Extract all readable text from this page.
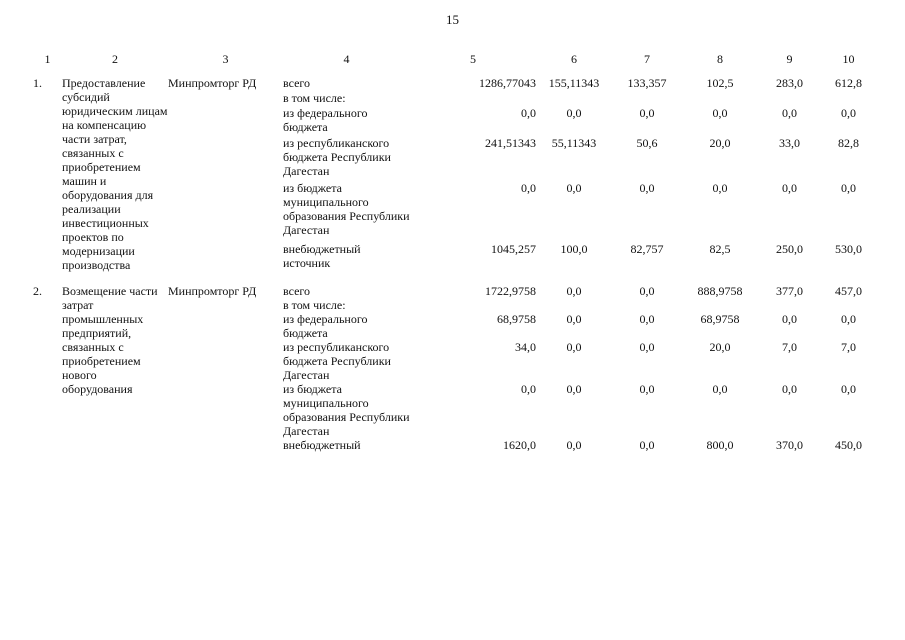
15
1	2	3	4	5	6	7	8	9	10
1.	Предоставление субсидий юридическим лицам на компенсацию части затрат, связанных с приобретением машин и оборудования для реализации инвестиционных проектов по модернизации производства	Минпромторг РД	всего	1286,77043	155,11343	133,357	102,5	283,0	612,8
			в том числе:						
			из федерального бюджета	0,0	0,0	0,0	0,0	0,0	0,0
			из республиканского бюджета Республики Дагестан	241,51343	55,11343	50,6	20,0	33,0	82,8
			из бюджета муниципального образования Республики Дагестан	0,0	0,0	0,0	0,0	0,0	0,0
			внебюджетный источник	1045,257	100,0	82,757	82,5	250,0	530,0
2.	Возмещение части затрат промышленных предприятий, связанных с приобретением нового оборудования	Минпромторг РД	всего	1722,9758	0,0	0,0	888,9758	377,0	457,0
			в том числе:						
			из федерального бюджета	68,9758	0,0	0,0	68,9758	0,0	0,0
			из республиканского бюджета Республики Дагестан	34,0	0,0	0,0	20,0	7,0	7,0
			из бюджета муниципального образования Республики Дагестан	0,0	0,0	0,0	0,0	0,0	0,0
			внебюджетный	1620,0	0,0	0,0	800,0	370,0	450,0
